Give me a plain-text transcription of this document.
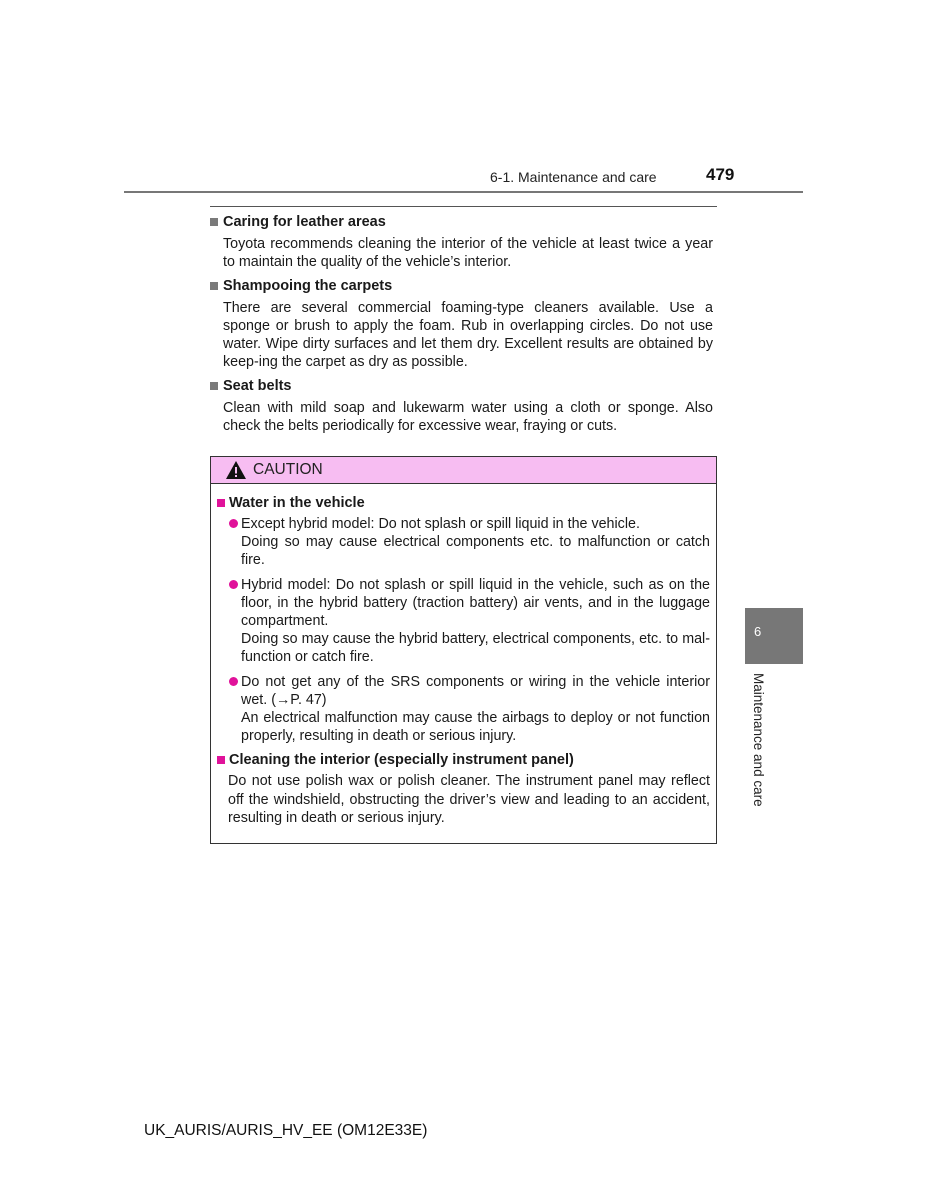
6-1. Maintenance and care	479
Caring for leather areas
Toyota recommends cleaning the interior of the vehicle at least twice a year to maintain the quality of the vehicle’s interior.
Shampooing the carpets
There are several commercial foaming-type cleaners available. Use a sponge or brush to apply the foam. Rub in overlapping circles. Do not use water. Wipe dirty surfaces and let them dry. Excellent results are obtained by keep-ing the carpet as dry as possible.
Seat belts
Clean with mild soap and lukewarm water using a cloth or sponge. Also check the belts periodically for excessive wear, fraying or cuts.
CAUTION
Water in the vehicle
Except hybrid model: Do not splash or spill liquid in the vehicle.
Doing so may cause electrical components etc. to malfunction or catch fire.
Hybrid model: Do not splash or spill liquid in the vehicle, such as on the floor, in the hybrid battery (traction battery) air vents, and in the luggage compartment.
Doing so may cause the hybrid battery, electrical components, etc. to mal-function or catch fire.
Do not get any of the SRS components or wiring in the vehicle interior wet. (→P. 47)
An electrical malfunction may cause the airbags to deploy or not function properly, resulting in death or serious injury.
Cleaning the interior (especially instrument panel)
Do not use polish wax or polish cleaner. The instrument panel may reflect off the windshield, obstructing the driver’s view and leading to an accident, resulting in death or serious injury.
6
Maintenance and care
UK_AURIS/AURIS_HV_EE (OM12E33E)
